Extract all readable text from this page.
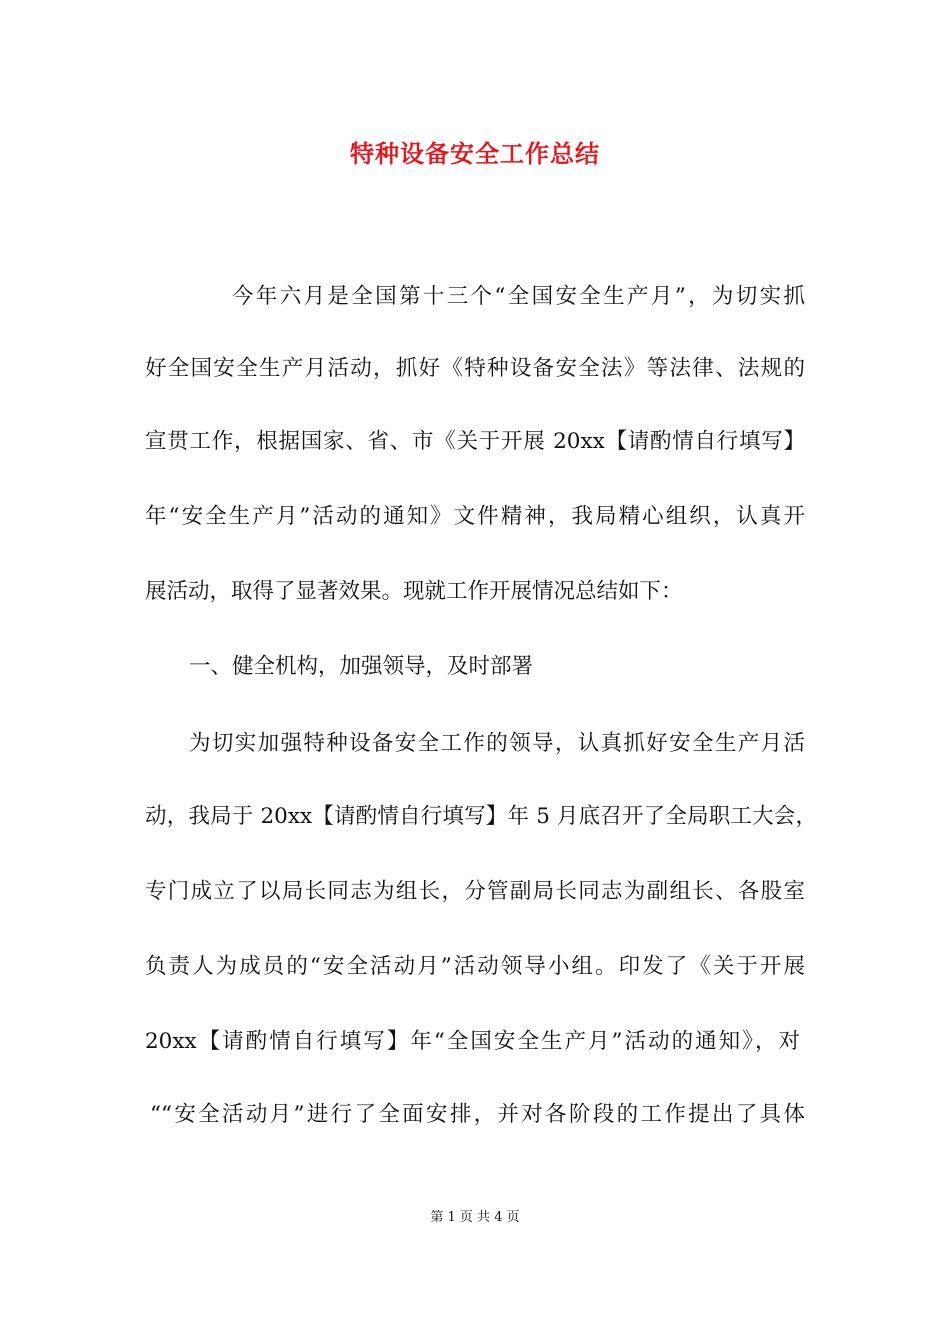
特种设备安全工作总结
今年六月是全国第十三个“全国安全生产月”，为切实抓
好全国安全生产月活动，抓好《特种设备安全法》等法律、法规的
宣贯工作，根据国家、省、市《关于开展 20xx【请酌情自行填写】
年“安全生产月”活动的通知》文件精神，我局精心组织，认真开
展活动，取得了显著效果。现就工作开展情况总结如下：
一、健全机构，加强领导，及时部署
为切实加强特种设备安全工作的领导，认真抓好安全生产月活
动，我局于 20xx【请酌情自行填写】年 5 月底召开了全局职工大会，
专门成立了以局长同志为组长，分管副局长同志为副组长、各股室
负责人为成员的“安全活动月”活动领导小组。印发了《关于开展
20xx【请酌情自行填写】年“全国安全生产月”活动的通知》，对
““安全活动月”进行了全面安排，并对各阶段的工作提出了具体
第 1 页 共 4 页
